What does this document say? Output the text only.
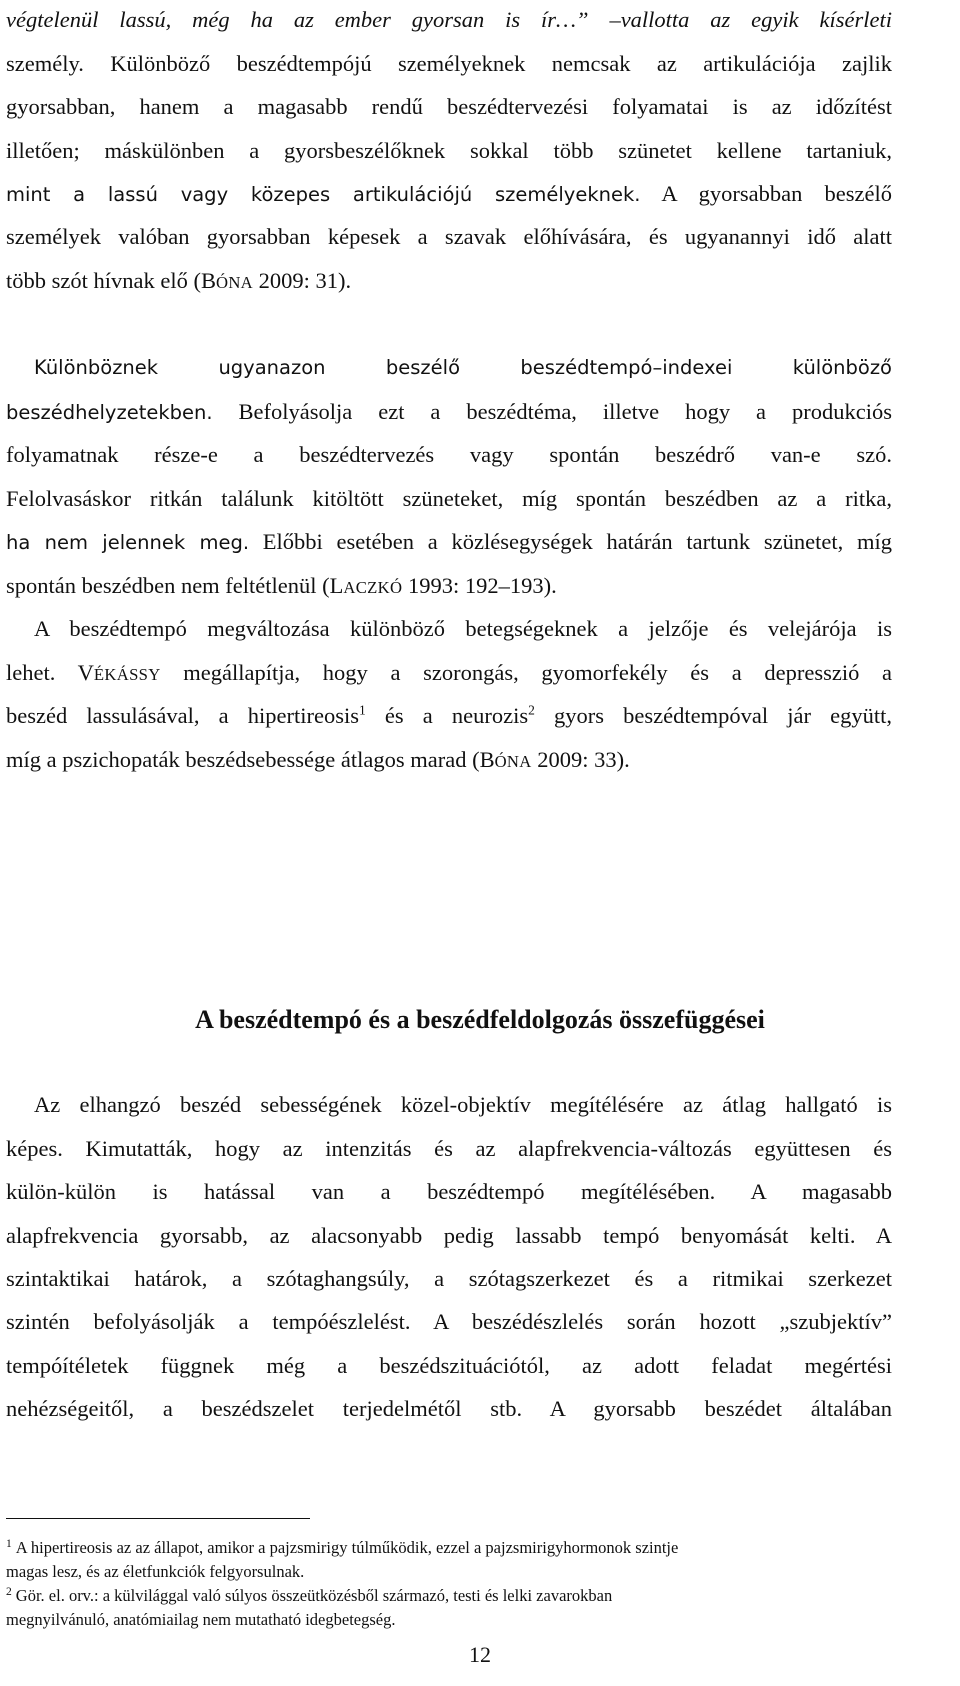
végtelenül lassú, még ha az ember gyorsan is ír…” –vallotta az egyik kísérleti
személy. Különböző beszédtempójú személyeknek nemcsak az artikulációja zajlik
gyorsabban, hanem a magasabb rendű beszédtervezési folyamatai is az időzítést
illetően; máskülönben a gyorsbeszélőknek sokkal több szünetet kellene tartaniuk,
mint a lassú vagy közepes artikulációjú személyeknek. A gyorsabban beszélő
személyek valóban gyorsabban képesek a szavak előhívására, és ugyanannyi idő alatt
több szót hívnak elő (BÓNA 2009: 31).
Különböznek ugyanazon beszélő beszédtempó–indexei különböző
beszédhelyzetekben. Befolyásolja ezt a beszédtéma, illetve hogy a produkciós
folyamatnak része-e a beszédtervezés vagy spontán beszédrő van-e szó.
Felolvasáskor ritkán találunk kitöltött szüneteket, míg spontán beszédben az a ritka,
ha nem jelennek meg. Előbbi esetében a közlésegységek határán tartunk szünetet, míg
spontán beszédben nem feltétlenül (LACZKÓ 1993: 192–193).
A beszédtempó megváltozása különböző betegségeknek a jelzője és velejárója is
lehet. VÉKÁSSY megállapítja, hogy a szorongás, gyomorfekély és a depresszió a
beszéd lassulásával, a hipertireosis$^1$ és a neurozis$^2$ gyors beszédtempóval jár együtt,
míg a pszichopaták beszédsebessége átlagos marad (BÓNA 2009: 33).
A beszédtempó és a beszédfeldolgozás összefüggései
Az elhangzó beszéd sebességének közel-objektív megítélésére az átlag hallgató is
képes. Kimutatták, hogy az intenzitás és az alapfrekvencia-változás együttesen és
külön-külön is hatással van a beszédtempó megítélésében. A magasabb
alapfrekvencia gyorsabb, az alacsonyabb pedig lassabb tempó benyomását kelti. A
szintaktikai határok, a szótaghangsúly, a szótagszerkezet és a ritmikai szerkezet
szintén befolyásolják a tempóészlelést. A beszédészlelés során hozott „szubjektív”
tempóítéletek függnek még a beszédszituációtól, az adott feladat megértési
nehézségeitől, a beszédszelet terjedelmétől stb. A gyorsabb beszédet általában
$^1$ A hipertireosis az az állapot, amikor a pajzsmirigy túlműködik, ezzel a pajzsmirigyhormonok szintje
magas lesz, és az életfunkciók felgyorsulnak.
$^2$ Gör. el. orv.: a külvilággal való súlyos összeütközésből származó, testi és lelki zavarokban
megnyilvánuló, anatómiailag nem mutatható idegbetegség.
12
